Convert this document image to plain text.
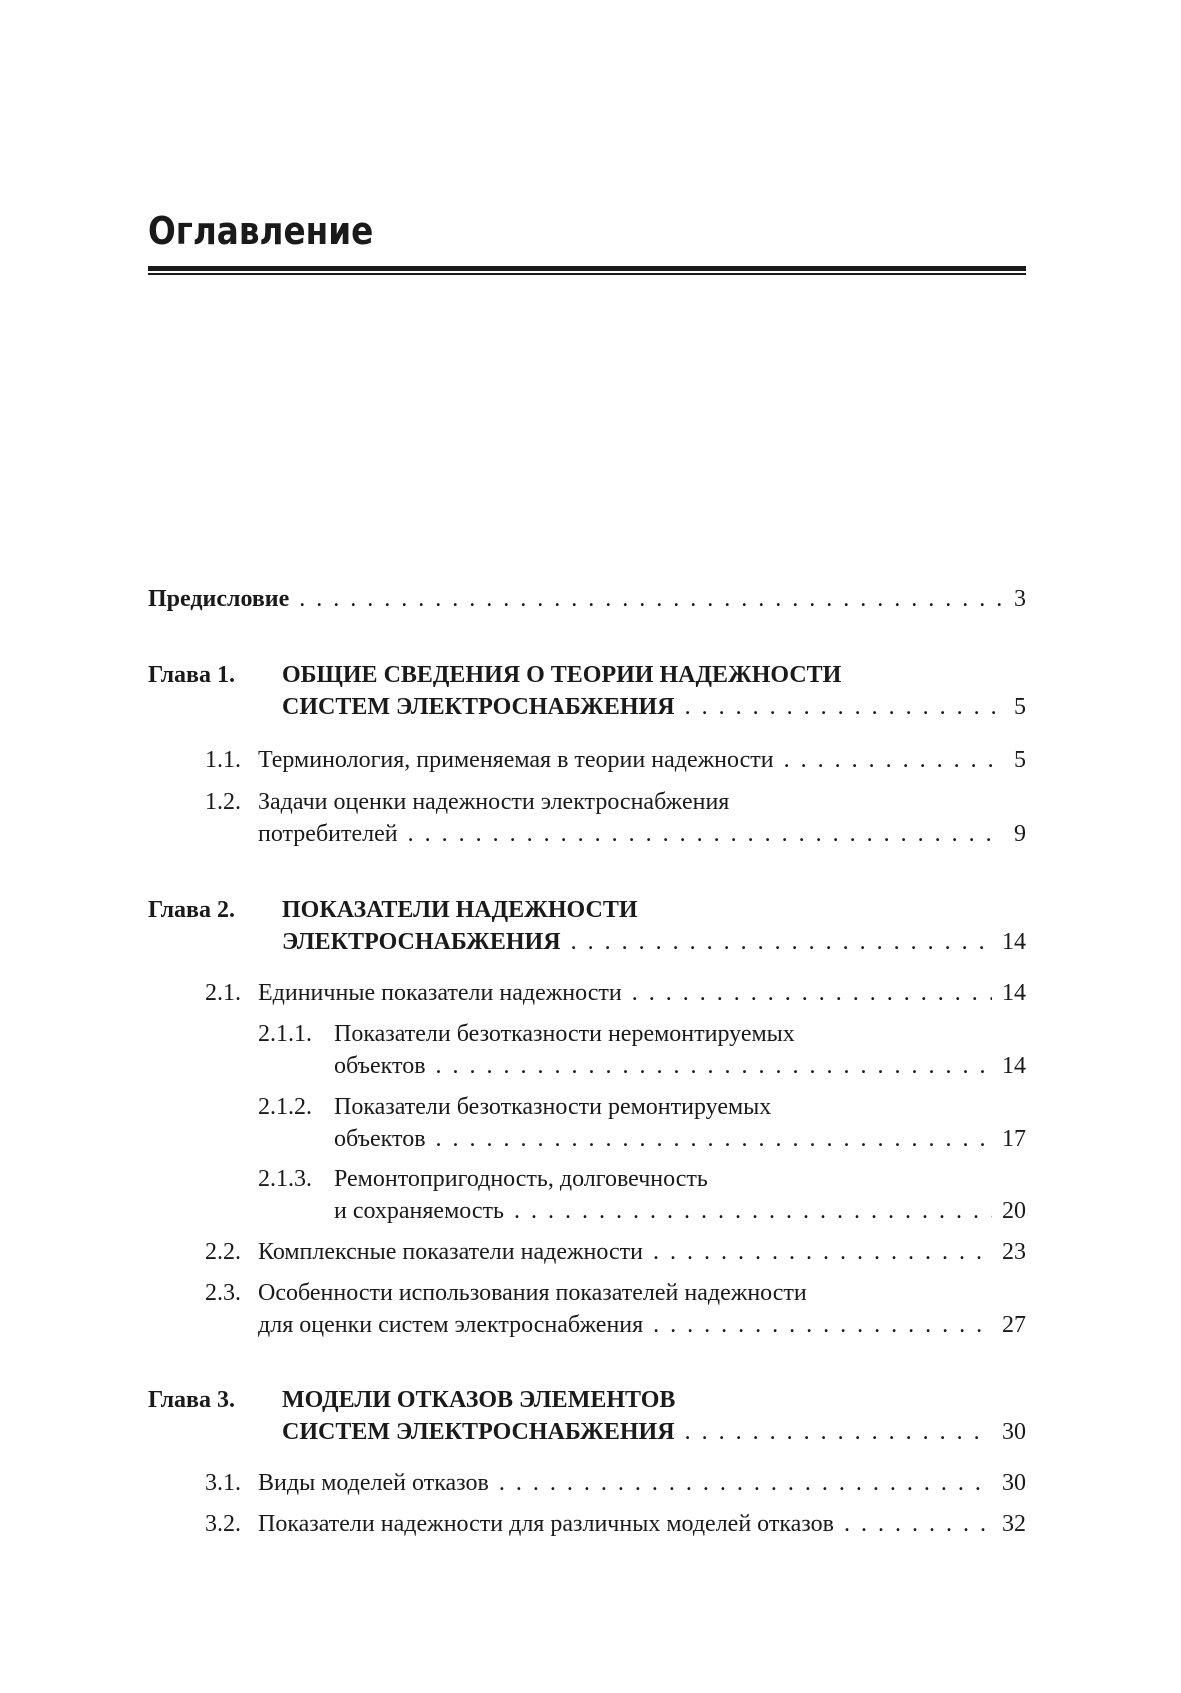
Оглавление
Предисловие . . .	3
Глава 1. ОБЩИЕ СВЕДЕНИЯ О ТЕОРИИ НАДЕЖНОСТИ
СИСТЕМ ЭЛЕКТРОСНАБЖЕНИЯ . . .	5
1.1. Терминология, применяемая в теории надежности . . .	5
1.2. Задачи оценки надежности электроснабжения
потребителей . . .	9
Глава 2. ПОКАЗАТЕЛИ НАДЕЖНОСТИ
ЭЛЕКТРОСНАБЖЕНИЯ . . .	14
2.1. Единичные показатели надежности . . .	14
2.1.1. Показатели безотказности неремонтируемых
объектов . . .	14
2.1.2. Показатели безотказности ремонтируемых
объектов . . .	17
2.1.3. Ремонтопригодность, долговечность
и сохраняемость . . .	20
2.2. Комплексные показатели надежности . . .	23
2.3. Особенности использования показателей надежности
для оценки систем электроснабжения . . .	27
Глава 3. МОДЕЛИ ОТКАЗОВ ЭЛЕМЕНТОВ
СИСТЕМ ЭЛЕКТРОСНАБЖЕНИЯ . . .	30
3.1. Виды моделей отказов . . .	30
3.2. Показатели надежности для различных моделей отказов . . .	32
